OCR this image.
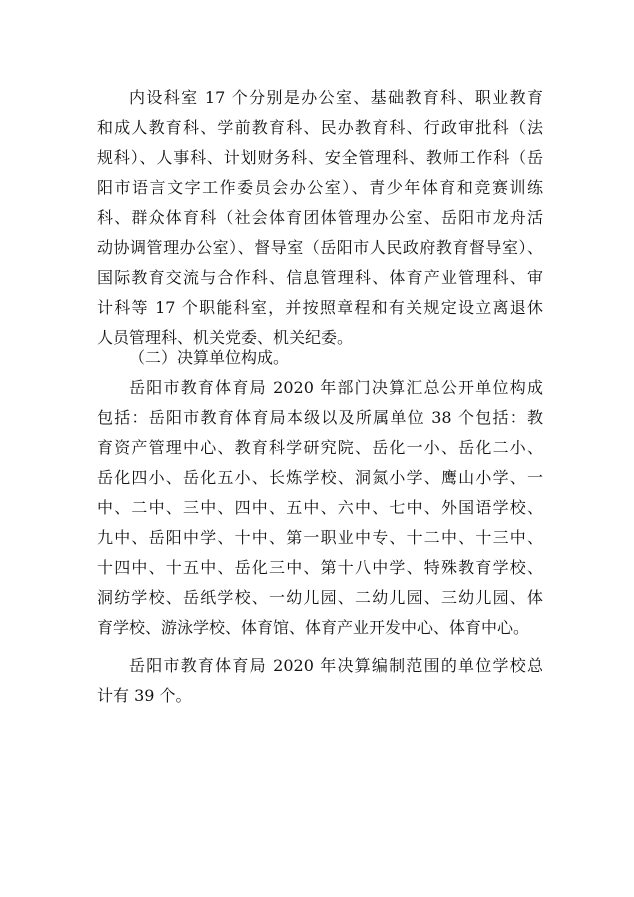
内设科室 17 个分别是办公室、基础教育科、职业教育
和成人教育科、学前教育科、民办教育科、行政审批科（法
规科）、人事科、计划财务科、安全管理科、教师工作科（岳
阳市语言文字工作委员会办公室）、青少年体育和竞赛训练
科、群众体育科（社会体育团体管理办公室、岳阳市龙舟活
动协调管理办公室）、督导室（岳阳市人民政府教育督导室）、
国际教育交流与合作科、信息管理科、体育产业管理科、审
计科等 17 个职能科室，并按照章程和有关规定设立离退休
人员管理科、机关党委、机关纪委。
（二）决算单位构成。
岳阳市教育体育局 2020 年部门决算汇总公开单位构成
包括：岳阳市教育体育局本级以及所属单位 38 个包括：教
育资产管理中心、教育科学研究院、岳化一小、岳化二小、
岳化四小、岳化五小、长炼学校、洞氮小学、鹰山小学、一
中、二中、三中、四中、五中、六中、七中、外国语学校、
九中、岳阳中学、十中、第一职业中专、十二中、十三中、
十四中、十五中、岳化三中、第十八中学、特殊教育学校、
洞纺学校、岳纸学校、一幼儿园、二幼儿园、三幼儿园、体
育学校、游泳学校、体育馆、体育产业开发中心、体育中心。
岳阳市教育体育局 2020 年决算编制范围的单位学校总
计有 39 个。
